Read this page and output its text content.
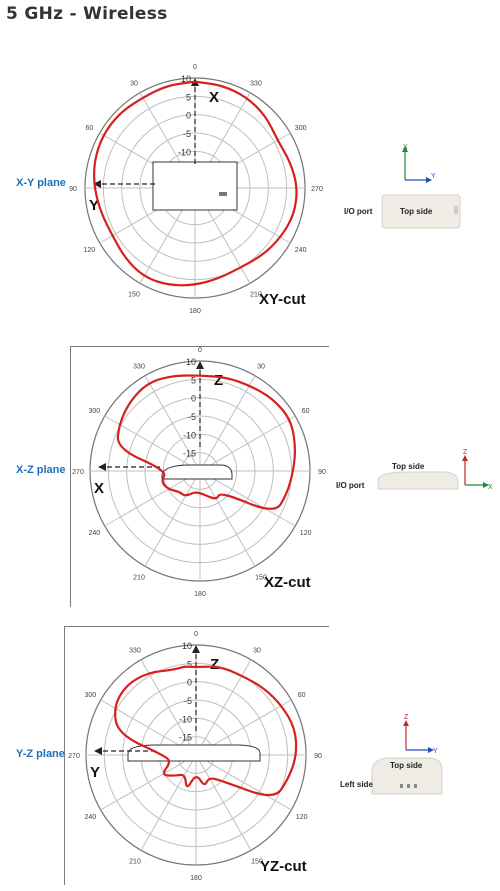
5 GHz - Wireless
X-Y plane
X-Z plane
Y-Z plane
0
330
300
270
240
210
180
150
120
90
60
30	10
5
0
-5
-10
X
Y
XY-cut
0
30
60
90
120
150
180
210
240
270
300
330	10
5
0
-5
-10
-15
Z
X
XZ-cut
0
30
60
90
120
150
180
210
240
270
300
330	10
5
0
-5
-10
-15
Z
Y
YZ-cut
X
Y
I/O port	Top side
Top side
I/O port
Z
X
Z
Y
Top side
Left side
